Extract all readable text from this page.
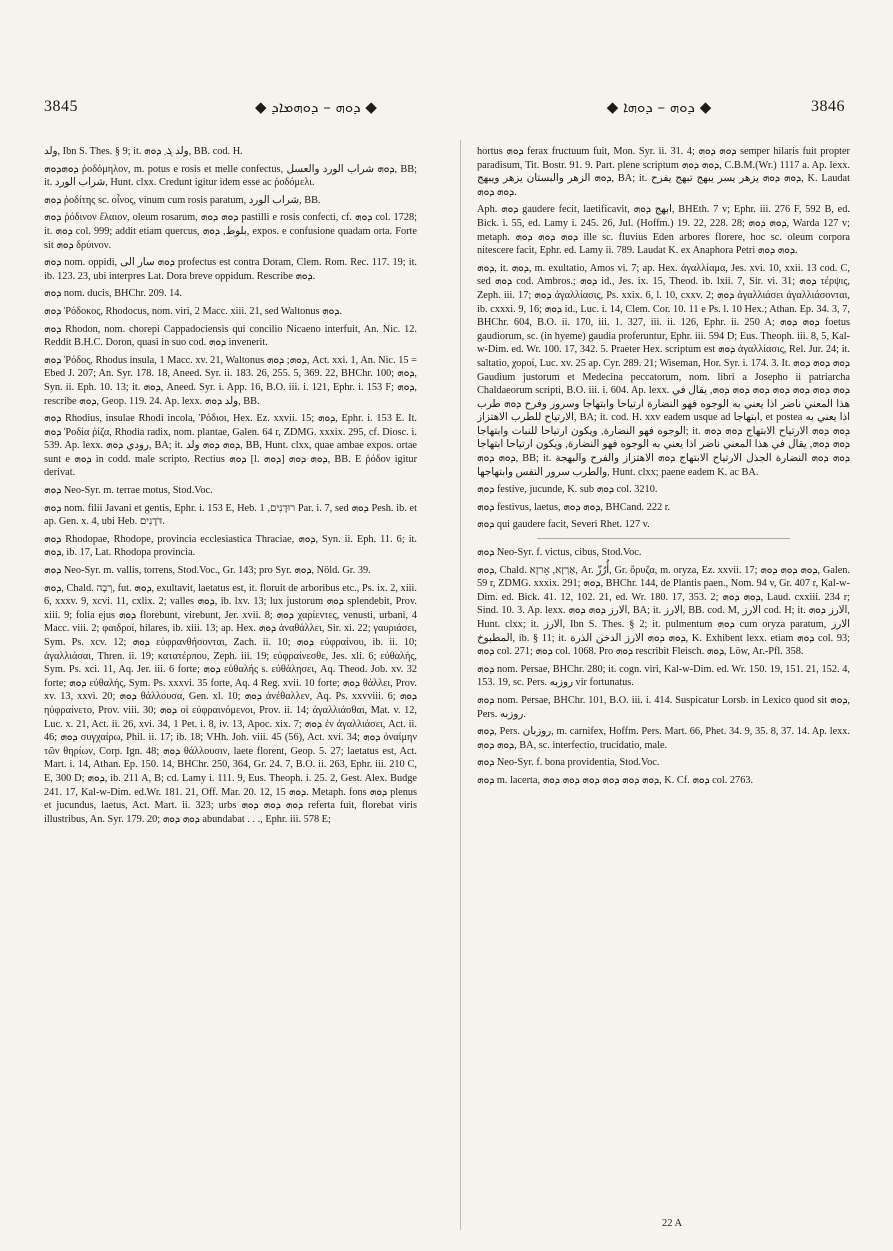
3845	◆ ܕܘܗ – ܕܘܗܡܐܕ ◆	◆ ܕܘܗ – ܕܘܗܐ ◆	3846
ولد, Ibn S. Thes. § 9; it. ولد ܓ܂ ܕܘܗ, BB. cod. H.
ܕܘܗܕܘܗ ῥοδόμηλον, m. potus e rosis et melle confectus, ܕܘܗ شراب الورد والعسل, BB; it. شراب الورد, Hunt. clxx. Credunt igitur idem esse ac ῥοδόμελι.
ܕܘܗ ῥοδίτης sc. οἶνος, vinum cum rosis paratum, شراب الورد, BB.
ܕܘܗ ῥόδινον ἔλαιον, oleum rosarum, ܕܘܗ ܕܘܗ pastilli e rosis confecti, cf. ܕܘܗ col. 1728; it. ܕܘܗ col. 999; addit etiam quercus, بلوط, ܕܘܗ, expos. e confusione quadam orta. Forte sit ܕܘܗ δρύινον.
ܕܘܗ nom. oppidi, ܕܘܗ سار الى profectus est contra Doram, Clem. Rom. Rec. 117. 19; it. ib. 123. 23, ubi interpres Lat. Dora breve oppidum. Rescribe ܕܘܗ.
ܕܘܗ nom. ducis, BHChr. 209. 14.
ܕܘܗ Ῥόδοκος, Rhodocus, nom. viri, 2 Macc. xiii. 21, sed Waltonus ܕܘܗ.
ܕܘܗ Rhodon, nom. chorepi Cappadociensis qui concilio Nicaeno interfuit, An. Nic. 12. Reddit B.H.C. Doron, quasi in suo cod. ܕܘܗ invenerit.
ܕܘܗ Ῥόδος, Rhodus insula, 1 Macc. xv. 21, Waltonus ܕܘܗ; ܕܘܗ, Act. xxi. 1, An. Nic. 15 = Ebed J. 207; An. Syr. 178. 18, Aneed. Syr. ii. 183. 26, 255. 5, 369. 22, BHChr. 100; ܕܘܗ, Syn. ii. Eph. 10. 13; it. ܕܘܗ, Aneed. Syr. i. App. 16, B.O. iii. i. 121, Ephr. i. 153 F; ܕܘܗ, rescribe ܕܘܗ, Geop. 119. 24. Ap. lexx. ولد ܕܘܗ, BB.
ܕܘܗ Rhodius, insulae Rhodi incola, Ῥόδιοι, Hex. Ez. xxvii. 15; ܕܘܗ, Ephr. i. 153 E. It. ܕܘܗ Ῥοδία ῥίζα, Rhodia radix, nom. plantae, Galen. 64 r, ZDMG. xxxix. 295, cf. Diosc. i. 539. Ap. lexx. رودي ܕܘܗ, BA; it. ܕܘܗ ܕܘܗ ولد, BB, Hunt. clxx, quae ambae expos. ortae sunt e ܕܘܗ in codd. male scripto. Rectius ܕܘܗ [l. ܕܘܗ] ܕܘܗ ܕܘܗ, BB. E ῥόδον igitur derivat.
ܕܘܗ Neo-Syr. m. terrae motus, Stod.Voc.
ܕܘܗ nom. filii Javani et gentis, Ephr. i. 153 E, Heb. רוּדָנִים, 1 Par. i. 7, sed ܕܘܗ Pesh. ib. et ap. Gen. x. 4, ubi Heb. דֹּדָנִים.
ܕܘܗ Rhodopae, Rhodope, provincia ecclesiastica Thraciae, ܕܘܗ, Syn. ii. Eph. 11. 6; it. ܕܘܗ, ib. 17, Lat. Rhodopa provincia.
ܕܘܗ Neo-Syr. m. vallis, torrens, Stod.Voc., Gr. 143; pro Syr. ܕܘܗ, Nöld. Gr. 39.
ܕܘܗ, Chald. רְבָה, fut. ܕܘܗ, exultavit, laetatus est, it. floruit de arboribus etc., Ps. ix. 2, xiii. 6, xxxv. 9, xcvi. 11, cxlix. 2; valles ܕܘܗ, ib. lxv. 13; lux justorum ܕܘܗ splendebit, Prov. xiii. 9; folia ejus ܕܘܗ florebunt, virebunt, Jer. xvii. 8; ܕܘܗ χαρίεντες, venusti, urbani, 4 Macc. viii. 2; φαιδροί, hilares, ib. xiii. 13; ap. Hex. ܕܘܗ ἀναθάλλει, Sir. xi. 22; γαυριάσει, Sym. Ps. xcv. 12; ܕܘܗ εὐφρανθήσονται, Zach. ii. 10; ܕܘܗ εὐφραίνου, ib. ii. 10; ἀγαλλιάσαι, Thren. ii. 19; κατατέρπου, Zeph. iii. 19; εὐφραίνεσθε, Jes. xli. 6; εὐθαλής, Sym. Ps. xci. 11, Aq. Jer. iii. 6 forte; ܕܘܗ εὐθαλής s. εὐθάλησει, Aq. Theod. Job. xv. 32 forte; ܕܘܗ εὐθαλής, Sym. Ps. xxxvi. 35 forte, Aq. 4 Reg. xvii. 10 forte; ܕܘܗ θάλλει, Prov. xv. 13, xxvi. 20; ܕܘܗ θάλλουσα, Gen. xl. 10; ܕܘܗ ἀνέθαλλεν, Aq. Ps. xxvviii. 6; ܕܘܗ ηὐφραίνετο, Prov. viii. 30; ܕܘܗ οἱ εὐφραινόμενοι, Prov. ii. 14; ἀγαλλιάσθαι, Mat. v. 12, Luc. x. 21, Act. ii. 26, xvi. 34, 1 Pet. i. 8, iv. 13, Apoc. xix. 7; ܕܘܗ ἐν ἀγαλλιάσει, Act. ii. 46; ܕܘܗ συγχαίρω, Phil. ii. 17; ib. 18; VHh. Joh. viii. 45 (56), Act. xvi. 34; ܕܘܗ ὀναίμην τῶν θηρίων, Corp. Ign. 48; ܕܘܗ θάλλουσιν, laete florent, Geop. 5. 27; laetatus est, Act. Mart. i. 14, Athan. Ep. 150. 14, BHChr. 250, 364, Gr. 24. 7, B.O. ii. 263, Ephr. iii. 210 C, E, 300 D; ܕܘܗ, ib. 211 A, B; cd. Lamy i. 111. 9, Eus. Theoph. i. 25. 2, Gest. Alex. Budge 241. 17, Kal-w-Dim. ed.Wr. 181. 21, Off. Mar. 20. 12, ܕܘܗ 15. Metaph. fons ܕܘܗ plenus et jucundus, laetus, Act. Mart. ii. 323; urbs ܕܘܗ ܕܘܗ ܕܘܗ referta fuit, florebat viris illustribus, An. Syr. 179. 20; ܕܘܗ ܕܘܗ abundabat . . ., Ephr. iii. 578 E;
hortus ܕܘܗ ferax fructuum fuit, Mon. Syr. ii. 31. 4; ܕܘܗ ܕܘܗ semper hilaris fuit propter paradisum, Tit. Bostr. 91. 9. Part. plene scriptum ܕܘܗ ܕܘܗ, C.B.M.(Wr.) 1117 a. Ap. lexx. ܕܘܗ الزهر والبستان يزهر ويبهج, BA; it. ܕܘܗ ܕܘܗ يزهر يسر يبهج تبهج يفرح, K. Laudat ܕܘܗ ܕܘܗ.
Aph. ܕܘܗ gaudere fecit, laetificavit, ابهج ܕܘܗ, BHEth. 7 v; Ephr. iii. 276 F, 592 B, ed. Bick. i. 55, ed. Lamy i. 245. 26, Jul. (Hoffm.) 19. 22, 228. 28; ܕܘܗ ܕܘܗ, Warda 127 v; metaph. ܕܘܗ ܕܘܗ ܕܘܗ ille sc. fluvius Eden arbores florere, hoc sc. oleum corpora nitescere facit, Ephr. ed. Lamy ii. 789. Laudat K. ex Anaphora Petri ܕܘܗ ܕܘܗ.
ܕܘܗ, it. ܕܘܗ, m. exultatio, Amos vi. 7; ap. Hex. ἀγαλλίαμα, Jes. xvi. 10, xxii. 13 cod. C, sed ܕܘܗ cod. Ambros.; ܕܘܗ id., Jes. ix. 15, Theod. ib. lxii. 7, Sir. vi. 31; ܕܘܗ τέρψις, Zeph. iii. 17; ܕܘܗ ἀγαλλίασις, Ps. xxix. 6, l. 10, cxxv. 2; ܕܘܗ ἀγαλλιάσει ἀγαλλιάσονται, ib. cxxxi. 9, 16; ܕܘܗ id., Luc. i. 14, Clem. Cor. 10. 11 e Ps. l. 10 Hex.; Athan. Ep. 34. 3, 7, BHChr. 604, B.O. ii. 170, iii. 1. 327, iii. ii. 126, Ephr. ii. 250 A; ܕܘܗ ܕܘܗ foetus gaudiorum, sc. (in hyeme) gaudia proferuntur, Ephr. iii. 594 D; Eus. Theoph. iii. 8, 5, Kal-w-Dim. ed. Wr. 100. 17, 342. 5. Praeter Hex. scriptum est ܕܘܗ ἀγαλλίασις, Rel. Jur. 24; it. saltatio, χοροί, Luc. xv. 25 ap. Cyr. 289. 21; Wiseman, Hor. Syr. i. 174. 3. It. ܕܘܗ ܕܘܗ ܕܘܗ Gaudium justorum et Medecina peccatorum, nom. libri a Josepho ii patriarcha Chaldaeorum scripti, B.O. iii. i. 604. Ap. lexx. ܕܘܗ ܕܘܗ ܕܘܗ ܕܘܗ ܕܘܗ ܕܘܗ ܕܘܗ, يقال في هذا المعني ناضر اذا يعني به الوجوه فهو النضارة ارتياحا وابتهاجا وسرور وفرح ܕܘܗ طرب الارتياح للطرب الاهتزاز, BA; it. cod. H. xxv eadem usque ad ابتهاجا, et postea اذا يعني به الوجوه فهو النضارة, ويكون ارتياحا للنبات وابتهاجا; it. ܕܘܗ ܕܘܗ الارتياح الابتهاج ܕܘܗ ܕܘܗ ܕܘܗ ܕܘܗ, يقال في هذا المعني ناضر اذا يعني به الوجوه فهو النضارة, ويكون ارتياحا ابتهاجا ܕܘܗ ܕܘܗ, BB; it. ܕܘܗ ܕܘܗ النضارة الجذل الارتياح الابتهاج ܕܘܗ الاهتزاز والفرح والبهجة والطرب سرور النفس وابتهاجها, Hunt. clxx; paene eadem K. ac BA.
ܕܘܗ festive, jucunde, K. sub ܕܘܗ col. 3210.
ܕܘܗ festivus, laetus, ܕܘܗ ܕܘܗ, BHCand. 222 r.
ܕܘܗ qui gaudere facit, Severi Rhet. 127 v.
ܕܘܗ Neo-Syr. f. victus, cibus, Stod.Voc.
ܕܘܗ, Chald. אַרְזָא, אָרזָא, Ar. أُرُزّ, Gr. ὄρυζα, m. oryza, Ez. xxvii. 17; ܕܘܗ ܕܘܗ ܕܘܗ, Galen. 59 r, ZDMG. xxxix. 291; ܕܘܗ, BHChr. 144, de Plantis paen., Nom. 94 v, Gr. 407 r, Kal-w-Dim. ed. Bick. 41. 12, 102. 21, ed. Wr. 180. 17, 353. 2; ܕܘܗ ܕܘܗ, Laud. cxxiii. 234 r; Sind. 10. 3. Ap. lexx. الارز ܕܘܗ ܕܘܗ, BA; it. الارز, BB. cod. M, الارز cod. H; it. الارز ܕܘܗ, Hunt. clxx; it. الارز, Ibn S. Thes. § 2; it. pulmentum ܕܘܗ cum oryza paratum, الارز المطبوخ, ib. § 11; it. ܕܘܗ ܕܘܗ الارز الدخن الذرة, K. Exhibent lexx. etiam ܕܘܗ col. 93; ܕܘܗ col. 271; ܕܘܗ col. 1068. Pro ܕܘܗ rescribit Fleisch. ܕܘܗ, Löw, Ar.-Pfl. 358.
ܕܘܗ nom. Persae, BHChr. 280; it. cogn. viri, Kal-w-Dim. ed. Wr. 150. 19, 151. 21, 152. 4, 153. 19, sc. Pers. روزبه vir fortunatus.
ܕܘܗ nom. Persae, BHChr. 101, B.O. iii. i. 414. Suspicatur Lorsb. in Lexico quod sit ܕܘܗ, Pers. روزبه.
ܕܘܗ, Pers. روزبان, m. carnifex, Hoffm. Pers. Mart. 66, Phet. 34. 9, 35. 8, 37. 14. Ap. lexx. ܕܘܗ ܕܘܗ, BA, sc. interfectio, trucidatio, male.
ܕܘܗ Neo-Syr. f. bona providentia, Stod.Voc.
ܕܘܗ m. lacerta, ܕܘܗ ܕܘܗ ܕܘܗ ܕܘܗ ܕܘܗ ܕܘܗ, K. Cf. ܕܘܗ col. 2763.
22 A
